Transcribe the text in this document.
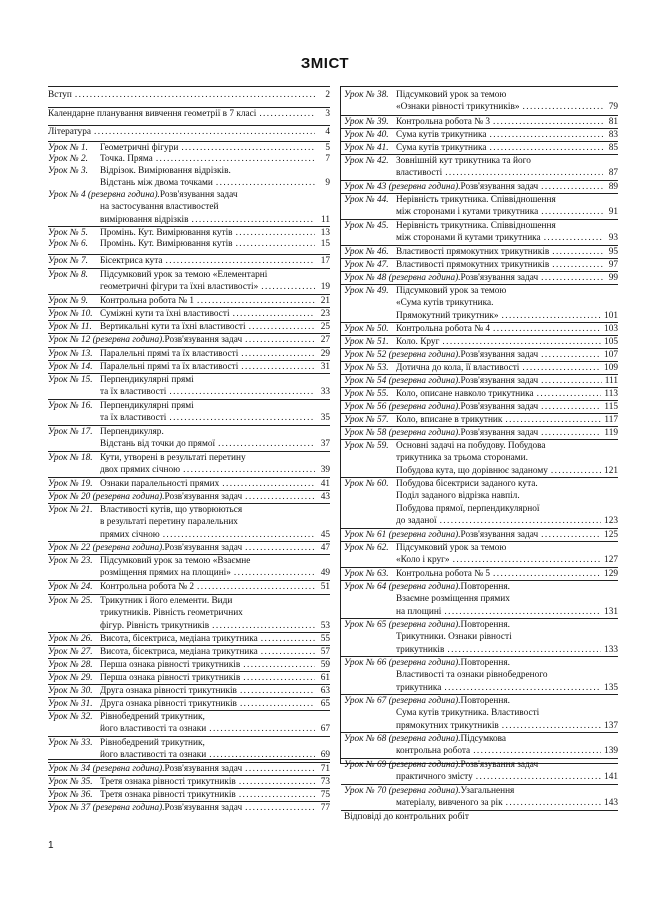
ЗМІСТ
Вступ .....	2
Календарне планування вивчення геометрії в 7 класі .....	3
Література .....	4
Урок № 1.	Геометричні фігури .....	5
Урок № 2.	Точка. Пряма .....	7
Урок № 3.	Відрізок. Вимірювання відрізків.
Відстань між двома точками .....	9
Урок № 4 (резервна година). Розв'язування задач
на застосування властивостей
вимірювання відрізків .....	11
Урок № 5.	Промінь. Кут. Вимірювання кутів .....	13
Урок № 6.	Промінь. Кут. Вимірювання кутів .....	15
Урок № 7.	Бісектриса кута .....	17
Урок № 8.	Підсумковий урок за темою «Елементарні
геометричні фігури та їхні властивості» .....	19
Урок № 9.	Контрольна робота № 1 .....	21
Урок № 10. Суміжні кути та їхні властивості .....	23
Урок № 11. Вертикальні кути та їхні властивості .....	25
Урок № 12 (резервна година). Розв'язування задач .....	27
Урок № 13. Паралельні прямі та їх властивості .....	29
Урок № 14. Паралельні прямі та їх властивості .....	31
Урок № 15. Перпендикулярні прямі
та їх властивості .....	33
Урок № 16. Перпендикулярні прямі
та їх властивості .....	35
Урок № 17. Перпендикуляр.
Відстань від точки до прямої .....	37
Урок № 18. Кути, утворені в результаті перетину
двох прямих січною .....	39
Урок № 19. Ознаки паралельності прямих .....	41
Урок № 20 (резервна година). Розв'язування задач .....	43
Урок № 21. Властивості кутів, що утворюються
в результаті перетину паралельних
прямих січною .....	45
Урок № 22 (резервна година). Розв'язування задач .....	47
Урок № 23. Підсумковий урок за темою «Взаємне
розміщення прямих на площині» .....	49
Урок № 24. Контрольна робота № 2 .....	51
Урок № 25. Трикутник і його елементи. Види
трикутників. Рівність геометричних
фігур. Рівність трикутників .....	53
Урок № 26. Висота, бісектриса, медіана трикутника .....	55
Урок № 27. Висота, бісектриса, медіана трикутника .....	57
Урок № 28. Перша ознака рівності трикутників .....	59
Урок № 29. Перша ознака рівності трикутників .....	61
Урок № 30. Друга ознака рівності трикутників .....	63
Урок № 31. Друга ознака рівності трикутників .....	65
Урок № 32. Рівнобедрений трикутник,
його властивості та ознаки .....	67
Урок № 33. Рівнобедрений трикутник,
його властивості та ознаки .....	69
Урок № 34 (резервна година). Розв'язування задач .....	71
Урок № 35. Третя ознака рівності трикутників .....	73
Урок № 36. Третя ознака рівності трикутників .....	75
Урок № 37 (резервна година). Розв'язування задач .....	77
Урок № 38. Підсумковий урок за темою
«Ознаки рівності трикутників» .....	79
Урок № 39. Контрольна робота № 3 .....	81
Урок № 40. Сума кутів трикутника .....	83
Урок № 41. Сума кутів трикутника .....	85
Урок № 42. Зовнішній кут трикутника та його
властивості .....	87
Урок № 43 (резервна година). Розв'язування задач .....	89
Урок № 44. Нерівність трикутника. Співвідношення
між сторонами і кутами трикутника .....	91
Урок № 45. Нерівність трикутника. Співвідношення
між сторонами й кутами трикутника .....	93
Урок № 46. Властивості прямокутних трикутників .....	95
Урок № 47. Властивості прямокутних трикутників .....	97
Урок № 48 (резервна година). Розв'язування задач .....	99
Урок № 49. Підсумковий урок за темою
«Сума кутів трикутника.
Прямокутний трикутник» .....	101
Урок № 50. Контрольна робота № 4 .....	103
Урок № 51. Коло. Круг .....	105
Урок № 52 (резервна година). Розв'язування задач .....	107
Урок № 53. Дотична до кола, її властивості .....	109
Урок № 54 (резервна година). Розв'язування задач .....	111
Урок № 55. Коло, описане навколо трикутника .....	113
Урок № 56 (резервна година). Розв'язування задач .....	115
Урок № 57. Коло, вписане в трикутник .....	117
Урок № 58 (резервна година). Розв'язування задач .....	119
Урок № 59. Основні задачі на побудову. Побудова
трикутника за трьома сторонами.
Побудова кута, що дорівнює заданому .....	121
Урок № 60. Побудова бісектриси заданого кута.
Поділ заданого відрізка навпіл.
Побудова прямої, перпендикулярної
до заданої .....	123
Урок № 61 (резервна година). Розв'язування задач .....	125
Урок № 62. Підсумковий урок за темою
«Коло і круг» .....	127
Урок № 63. Контрольна робота № 5 .....	129
Урок № 64 (резервна година). Повторення.
Взаємне розміщення прямих
на площині .....	131
Урок № 65 (резервна година). Повторення.
Трикутники. Ознаки рівності
трикутників .....	133
Урок № 66 (резервна година). Повторення.
Властивості та ознаки рівнобедреного
трикутника .....	135
Урок № 67 (резервна година). Повторення.
Сума кутів трикутника. Властивості
прямокутних трикутників .....	137
Урок № 68 (резервна година). Підсумкова
контрольна робота .....	139
Урок № 69 (резервна година). Розв'язування задач
практичного змісту .....	141
Урок № 70 (резервна година). Узагальнення
матеріалу, вивченого за рік .....	143
Відповіді до контрольних робіт
1
